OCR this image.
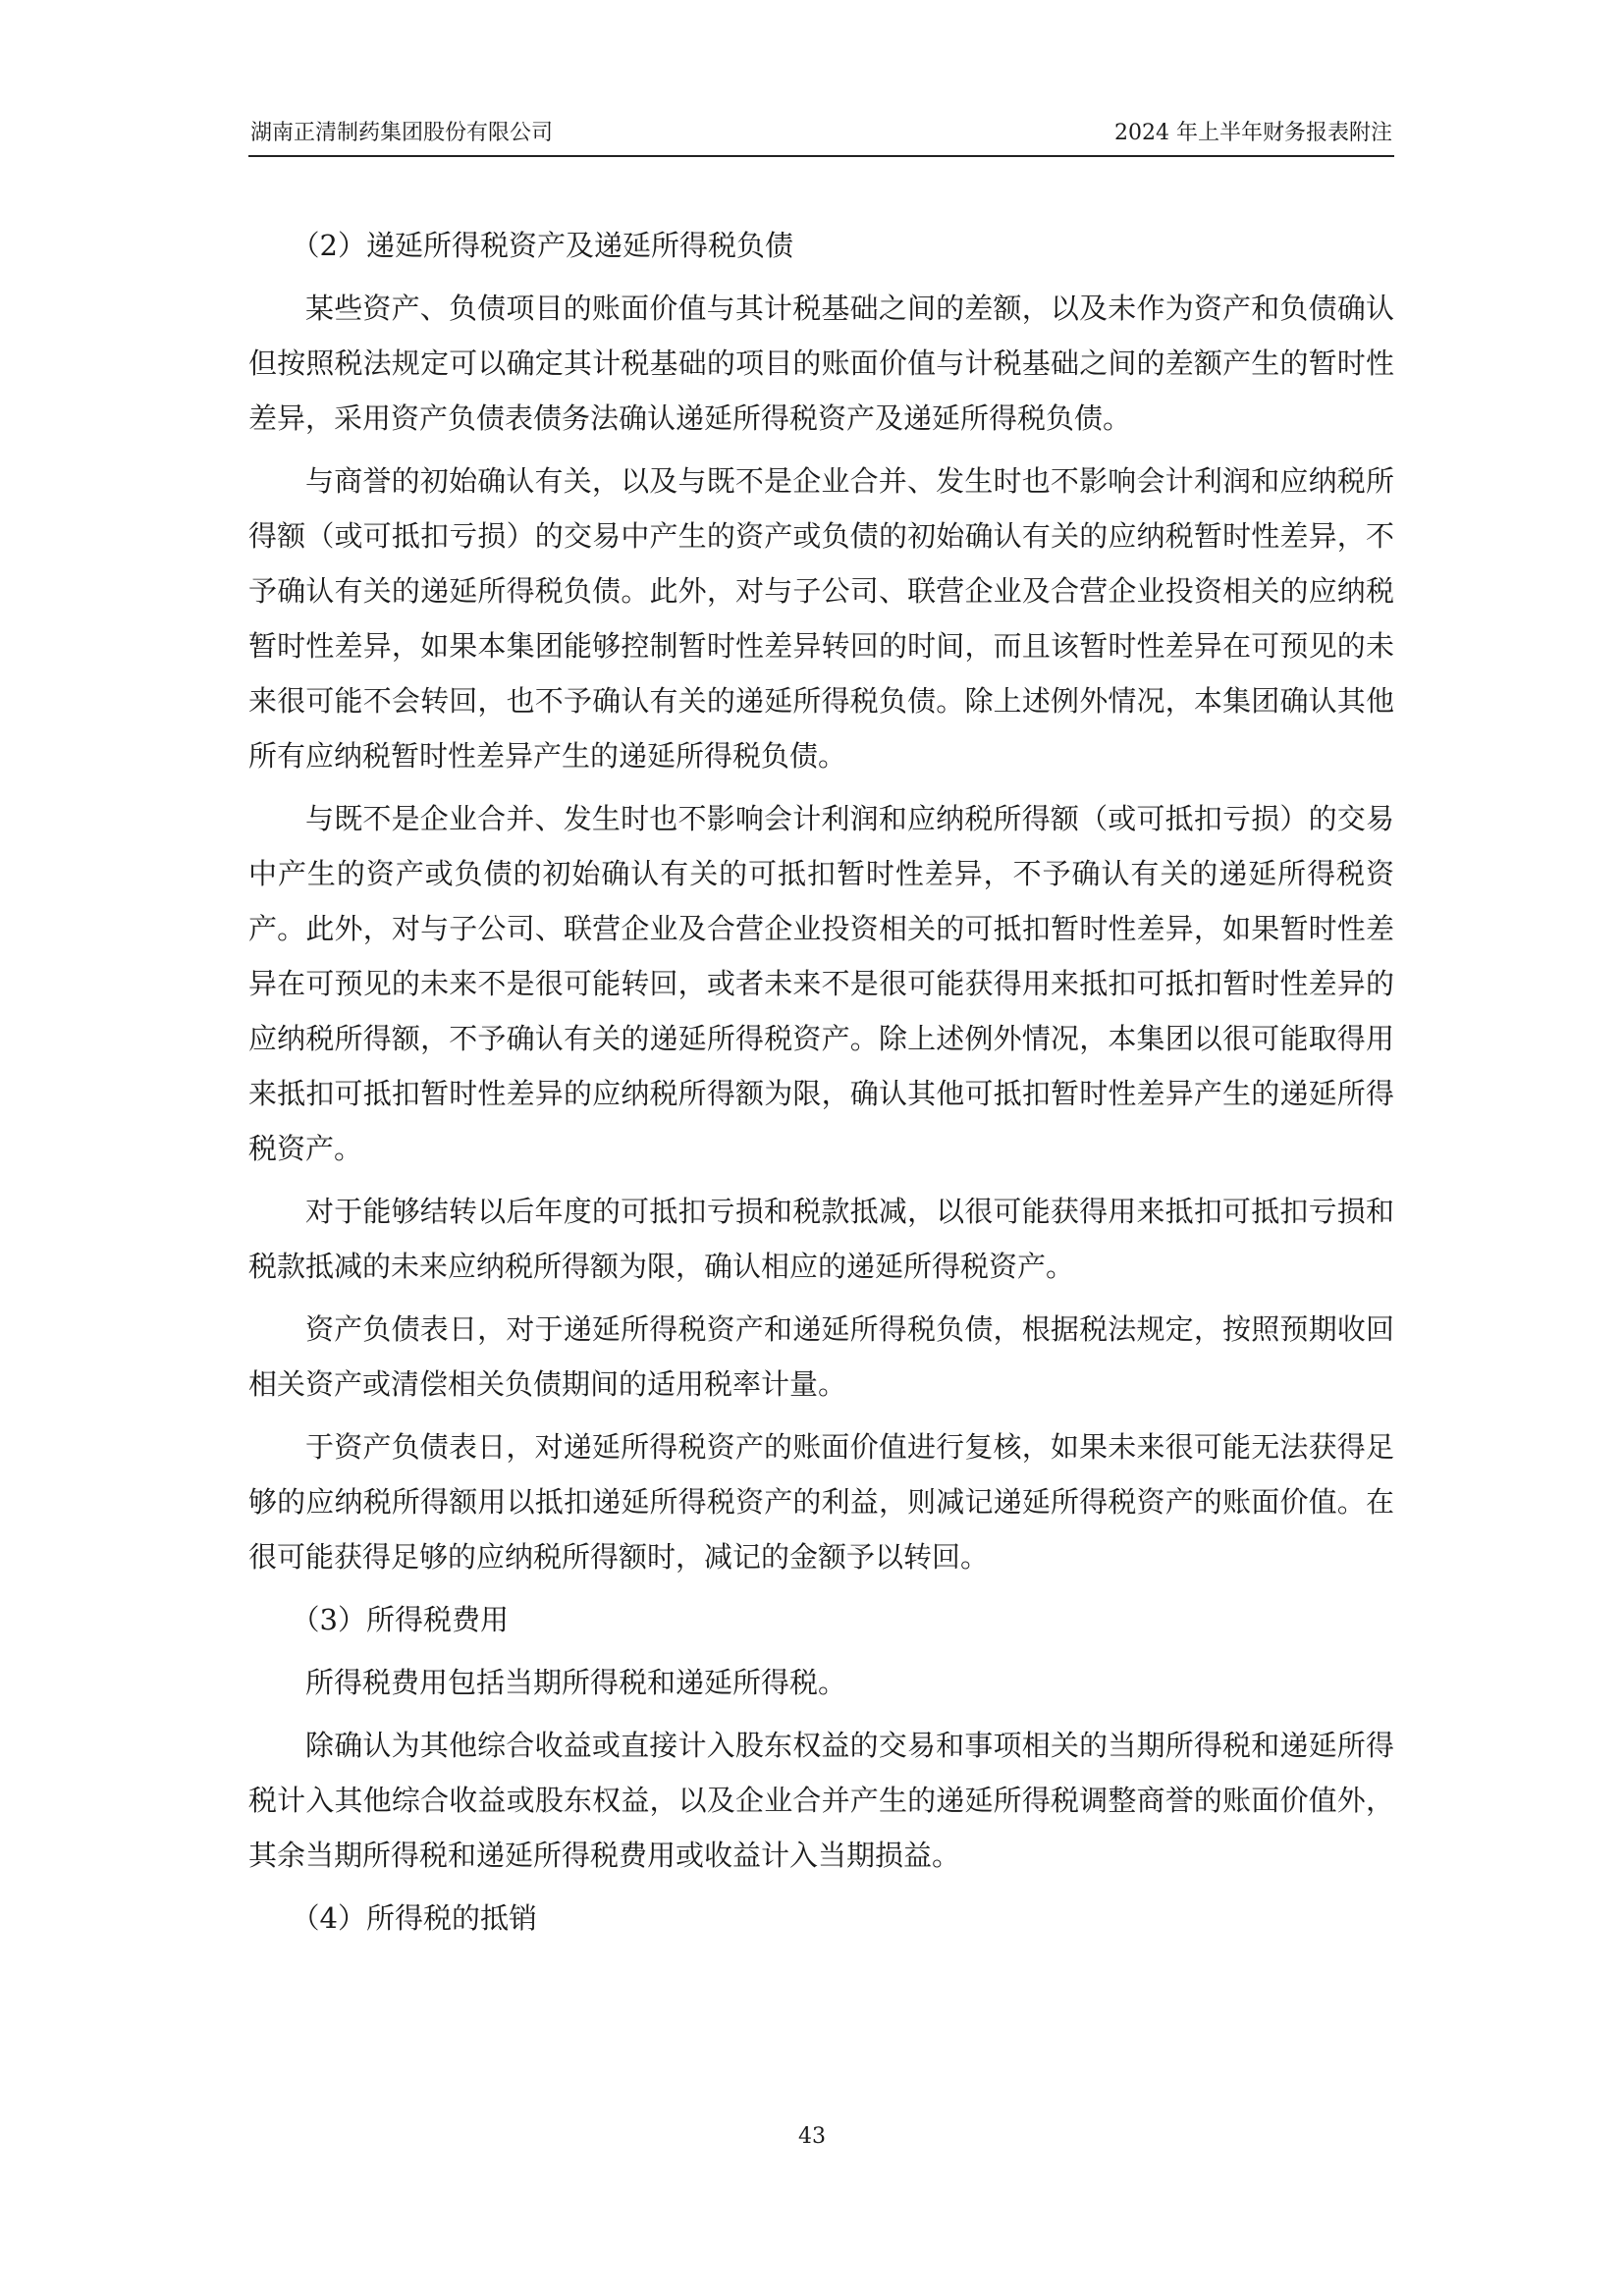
湖南正清制药集团股份有限公司	2024 年上半年财务报表附注

（2）递延所得税资产及递延所得税负债

某些资产、负债项目的账面价值与其计税基础之间的差额，以及未作为资产和负债确认但按照税法规定可以确定其计税基础的项目的账面价值与计税基础之间的差额产生的暂时性差异，采用资产负债表债务法确认递延所得税资产及递延所得税负债。

与商誉的初始确认有关，以及与既不是企业合并、发生时也不影响会计利润和应纳税所得额（或可抵扣亏损）的交易中产生的资产或负债的初始确认有关的应纳税暂时性差异，不予确认有关的递延所得税负债。此外，对与子公司、联营企业及合营企业投资相关的应纳税暂时性差异，如果本集团能够控制暂时性差异转回的时间，而且该暂时性差异在可预见的未来很可能不会转回，也不予确认有关的递延所得税负债。除上述例外情况，本集团确认其他所有应纳税暂时性差异产生的递延所得税负债。

与既不是企业合并、发生时也不影响会计利润和应纳税所得额（或可抵扣亏损）的交易中产生的资产或负债的初始确认有关的可抵扣暂时性差异，不予确认有关的递延所得税资产。此外，对与子公司、联营企业及合营企业投资相关的可抵扣暂时性差异，如果暂时性差异在可预见的未来不是很可能转回，或者未来不是很可能获得用来抵扣可抵扣暂时性差异的应纳税所得额，不予确认有关的递延所得税资产。除上述例外情况，本集团以很可能取得用来抵扣可抵扣暂时性差异的应纳税所得额为限，确认其他可抵扣暂时性差异产生的递延所得税资产。

对于能够结转以后年度的可抵扣亏损和税款抵减，以很可能获得用来抵扣可抵扣亏损和税款抵减的未来应纳税所得额为限，确认相应的递延所得税资产。

资产负债表日，对于递延所得税资产和递延所得税负债，根据税法规定，按照预期收回相关资产或清偿相关负债期间的适用税率计量。

于资产负债表日，对递延所得税资产的账面价值进行复核，如果未来很可能无法获得足够的应纳税所得额用以抵扣递延所得税资产的利益，则减记递延所得税资产的账面价值。在很可能获得足够的应纳税所得额时，减记的金额予以转回。

（3）所得税费用

所得税费用包括当期所得税和递延所得税。

除确认为其他综合收益或直接计入股东权益的交易和事项相关的当期所得税和递延所得税计入其他综合收益或股东权益，以及企业合并产生的递延所得税调整商誉的账面价值外，其余当期所得税和递延所得税费用或收益计入当期损益。

（4）所得税的抵销

43
